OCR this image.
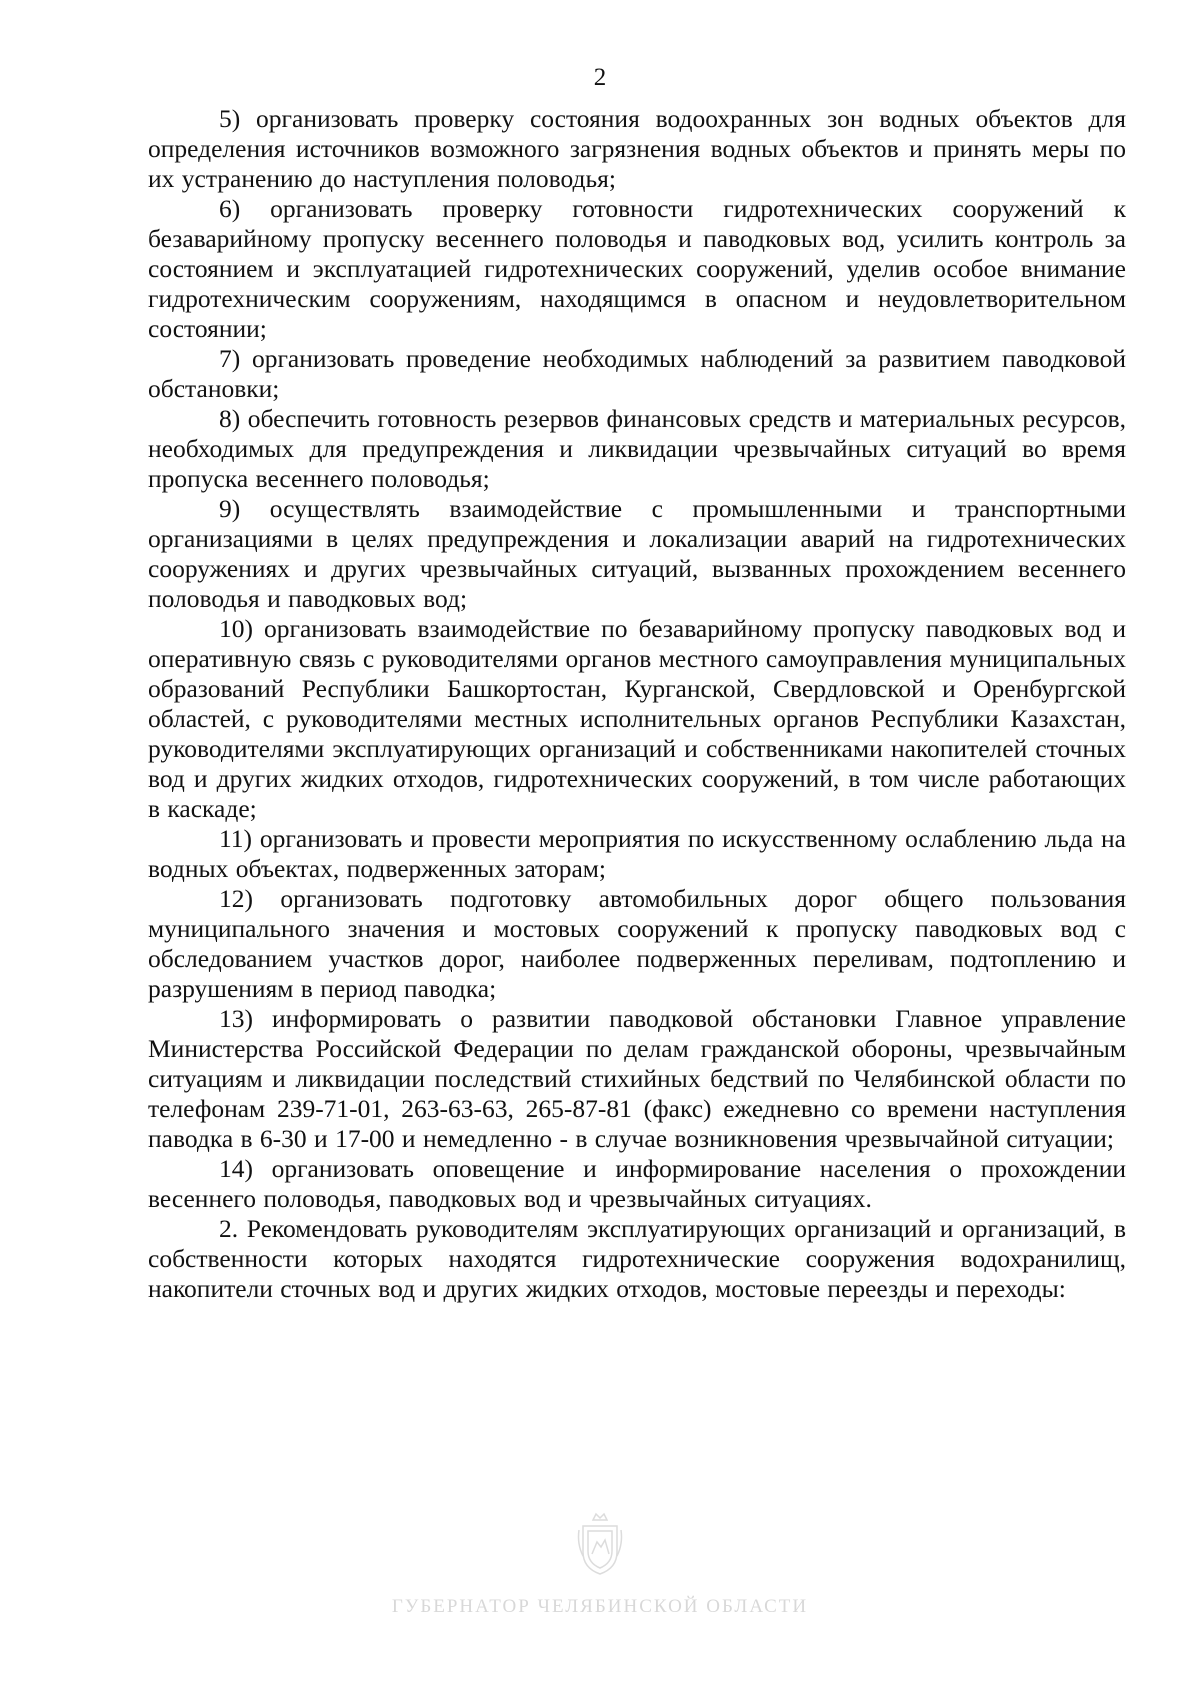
2

5) организовать проверку состояния водоохранных зон водных объектов для определения источников возможного загрязнения водных объектов и принять меры по их устранению до наступления половодья;

6) организовать проверку готовности гидротехнических сооружений к безаварийному пропуску весеннего половодья и паводковых вод, усилить контроль за состоянием и эксплуатацией гидротехнических сооружений, уделив особое внимание гидротехническим сооружениям, находящимся в опасном и неудовлетворительном состоянии;

7) организовать проведение необходимых наблюдений за развитием паводковой обстановки;

8) обеспечить готовность резервов финансовых средств и материальных ресурсов, необходимых для предупреждения и ликвидации чрезвычайных ситуаций во время пропуска весеннего половодья;

9) осуществлять взаимодействие с промышленными и транспортными организациями в целях предупреждения и локализации аварий на гидротехнических сооружениях и других чрезвычайных ситуаций, вызванных прохождением весеннего половодья и паводковых вод;

10) организовать взаимодействие по безаварийному пропуску паводковых вод и оперативную связь с руководителями органов местного самоуправления муниципальных образований Республики Башкортостан, Курганской, Свердловской и Оренбургской областей, с руководителями местных исполнительных органов Республики Казахстан, руководителями эксплуатирующих организаций и собственниками накопителей сточных вод и других жидких отходов, гидротехнических сооружений, в том числе работающих в каскаде;

11) организовать и провести мероприятия по искусственному ослаблению льда на водных объектах, подверженных заторам;

12) организовать подготовку автомобильных дорог общего пользования муниципального значения и мостовых сооружений к пропуску паводковых вод с обследованием участков дорог, наиболее подверженных переливам, подтоплению и разрушениям в период паводка;

13) информировать о развитии паводковой обстановки Главное управление Министерства Российской Федерации по делам гражданской обороны, чрезвычайным ситуациям и ликвидации последствий стихийных бедствий по Челябинской области по телефонам 239-71-01, 263-63-63, 265-87-81 (факс) ежедневно со времени наступления паводка в 6-30 и 17-00 и немедленно - в случае возникновения чрезвычайной ситуации;

14) организовать оповещение и информирование населения о прохождении весеннего половодья, паводковых вод и чрезвычайных ситуациях.

2. Рекомендовать руководителям эксплуатирующих организаций и организаций, в собственности которых находятся гидротехнические сооружения водохранилищ, накопители сточных вод и других жидких отходов, мостовые переезды и переходы:

ГУБЕРНАТОР ЧЕЛЯБИНСКОЙ ОБЛАСТИ
